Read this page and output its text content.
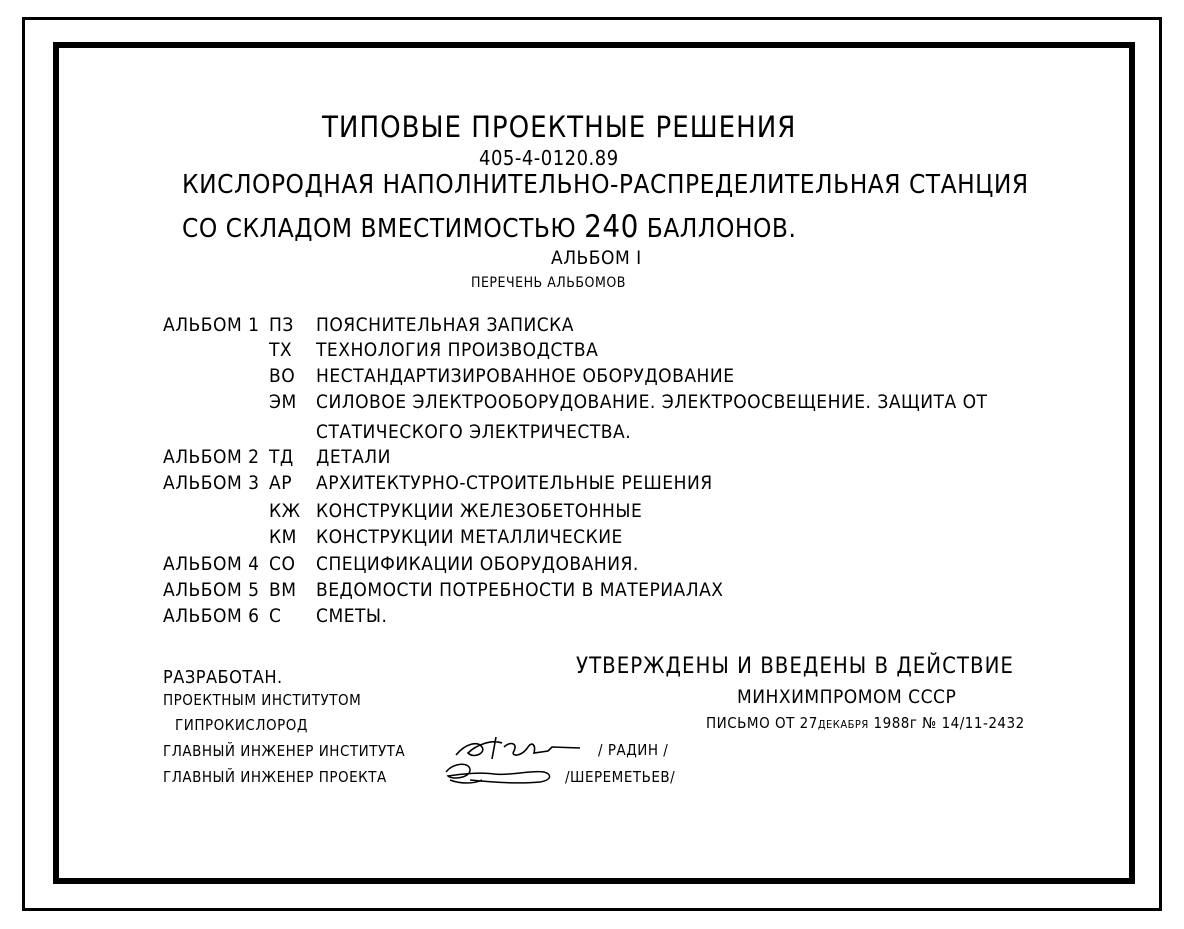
ТИПОВЫЕ ПРОЕКТНЫЕ РЕШЕНИЯ
405-4-0120.89
КИСЛОРОДНАЯ НАПОЛНИТЕЛЬНО-РАСПРЕДЕЛИТЕЛЬНАЯ СТАНЦИЯ
СО СКЛАДОМ ВМЕСТИМОСТЬЮ 240 БАЛЛОНОВ.
АЛЬБОМ I
ПЕРЕЧЕНЬ АЛЬБОМОВ
АЛЬБОМ 1 ПЗ ПОЯСНИТЕЛЬНАЯ ЗАПИСКА
ТХ ТЕХНОЛОГИЯ ПРОИЗВОДСТВА
ВО НЕСТАНДАРТИЗИРОВАННОЕ ОБОРУДОВАНИЕ
ЭМ СИЛОВОЕ ЭЛЕКТРООБОРУДОВАНИЕ. ЭЛЕКТРООСВЕЩЕНИЕ. ЗАЩИТА ОТ
СТАТИЧЕСКОГО ЭЛЕКТРИЧЕСТВА.
АЛЬБОМ 2 ТД ДЕТАЛИ
АЛЬБОМ 3 АР АРХИТЕКТУРНО-СТРОИТЕЛЬНЫЕ РЕШЕНИЯ
КЖ КОНСТРУКЦИИ ЖЕЛЕЗОБЕТОННЫЕ
КМ КОНСТРУКЦИИ МЕТАЛЛИЧЕСКИЕ
АЛЬБОМ 4 СО СПЕЦИФИКАЦИИ ОБОРУДОВАНИЯ.
АЛЬБОМ 5 ВМ ВЕДОМОСТИ ПОТРЕБНОСТИ В МАТЕРИАЛАХ
АЛЬБОМ 6 С СМЕТЫ.
РАЗРАБОТАН.
ПРОЕКТНЫМ ИНСТИТУТОМ
ГИПРОКИСЛОРОД
ГЛАВНЫЙ ИНЖЕНЕР ИНСТИТУТА	/ РАДИН /
ГЛАВНЫЙ ИНЖЕНЕР ПРОЕКТА	/ШЕРЕМЕТЬЕВ/
УТВЕРЖДЕНЫ И ВВЕДЕНЫ В ДЕЙСТВИЕ
МИНХИМПРОМОМ СССР
ПИСЬМО ОТ 27ДЕКАБРЯ 1988г № 14/11-2432
